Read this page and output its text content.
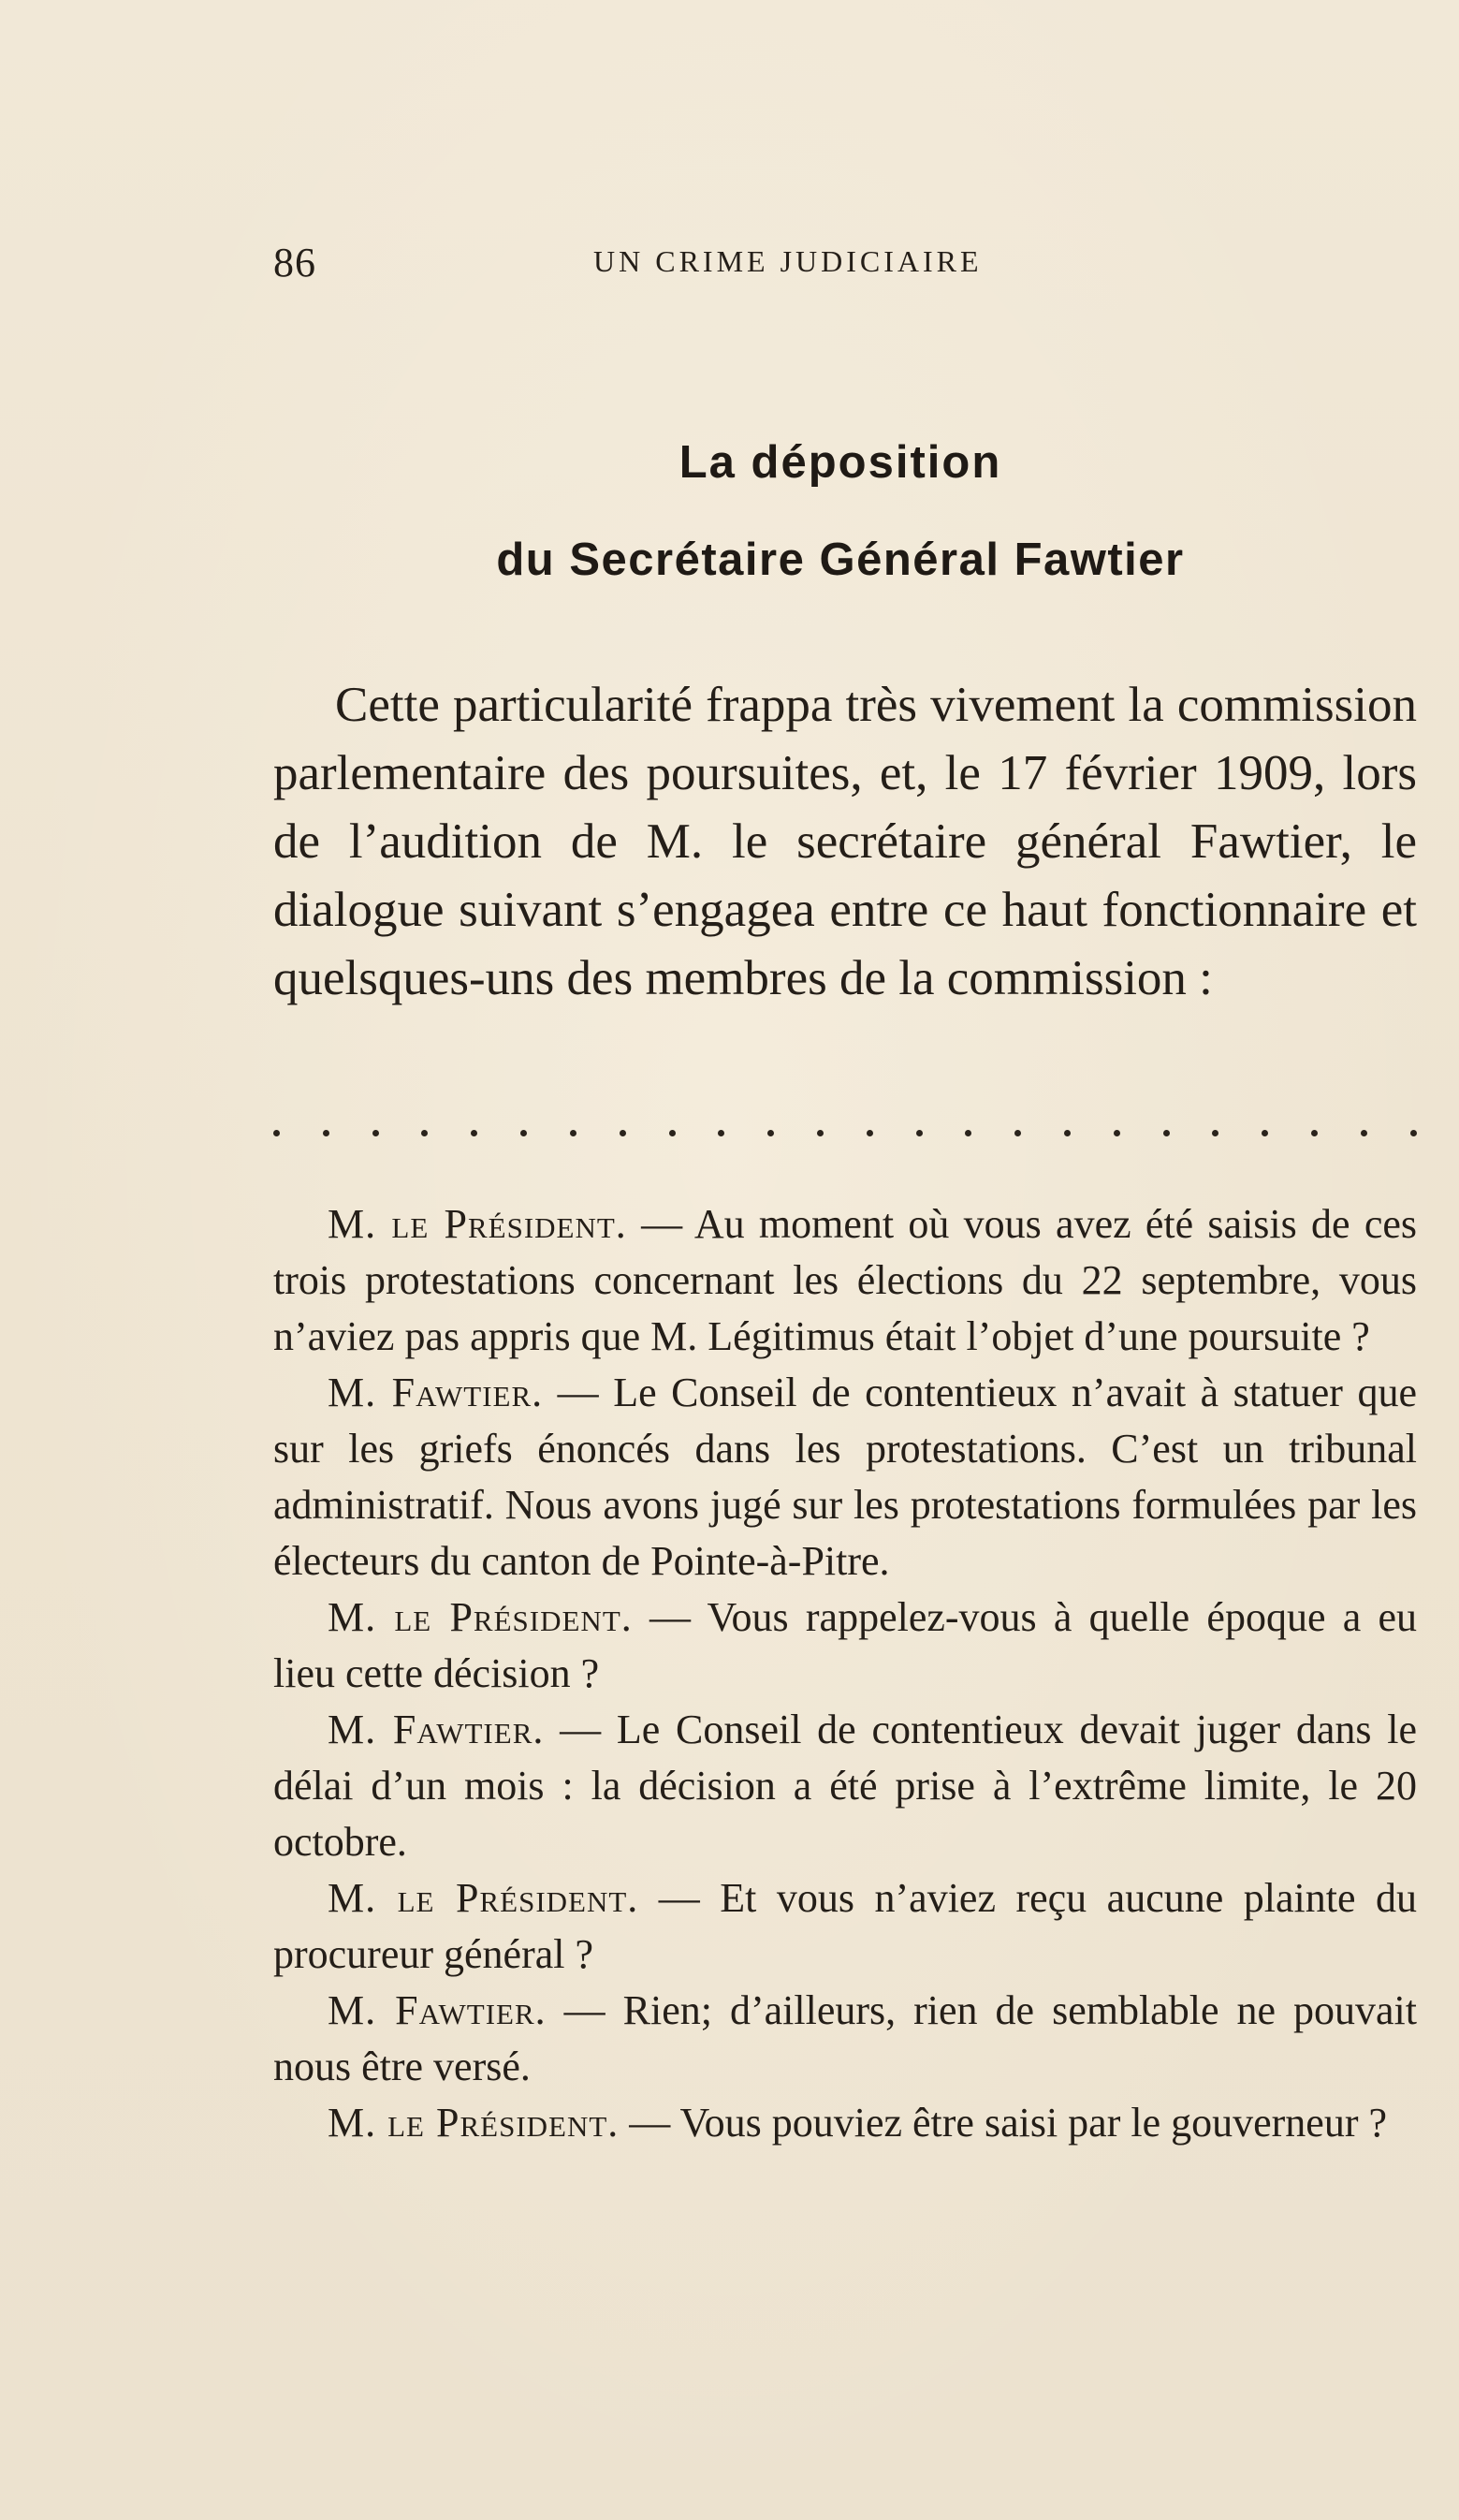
86	UN CRIME JUDICIAIRE
La déposition
du Secrétaire Général Fawtier

Cette particularité frappa très vivement la commission parlementaire des poursuites, et, le 17 février 1909, lors de l’audition de M. le secrétaire général Fawtier, le dialogue suivant s’engagea entre ce haut fonctionnaire et quelsques-uns des membres de la commission :

M. le Président. — Au moment où vous avez été saisis de ces trois protestations concernant les élections du 22 septembre, vous n’aviez pas appris que M. Légitimus était l’objet d’une poursuite ?

M. Fawtier. — Le Conseil de contentieux n’avait à statuer que sur les griefs énoncés dans les protestations. C’est un tribunal administratif. Nous avons jugé sur les protestations formulées par les électeurs du canton de Pointe-à-Pitre.

M. le Président. — Vous rappelez-vous à quelle époque a eu lieu cette décision ?

M. Fawtier. — Le Conseil de contentieux devait juger dans le délai d’un mois : la décision a été prise à l’extrême limite, le 20 octobre.

M. le Président. — Et vous n’aviez reçu aucune plainte du procureur général ?

M. Fawtier. — Rien; d’ailleurs, rien de semblable ne pouvait nous être versé.

M. le Président. — Vous pouviez être saisi par le gouverneur ?
